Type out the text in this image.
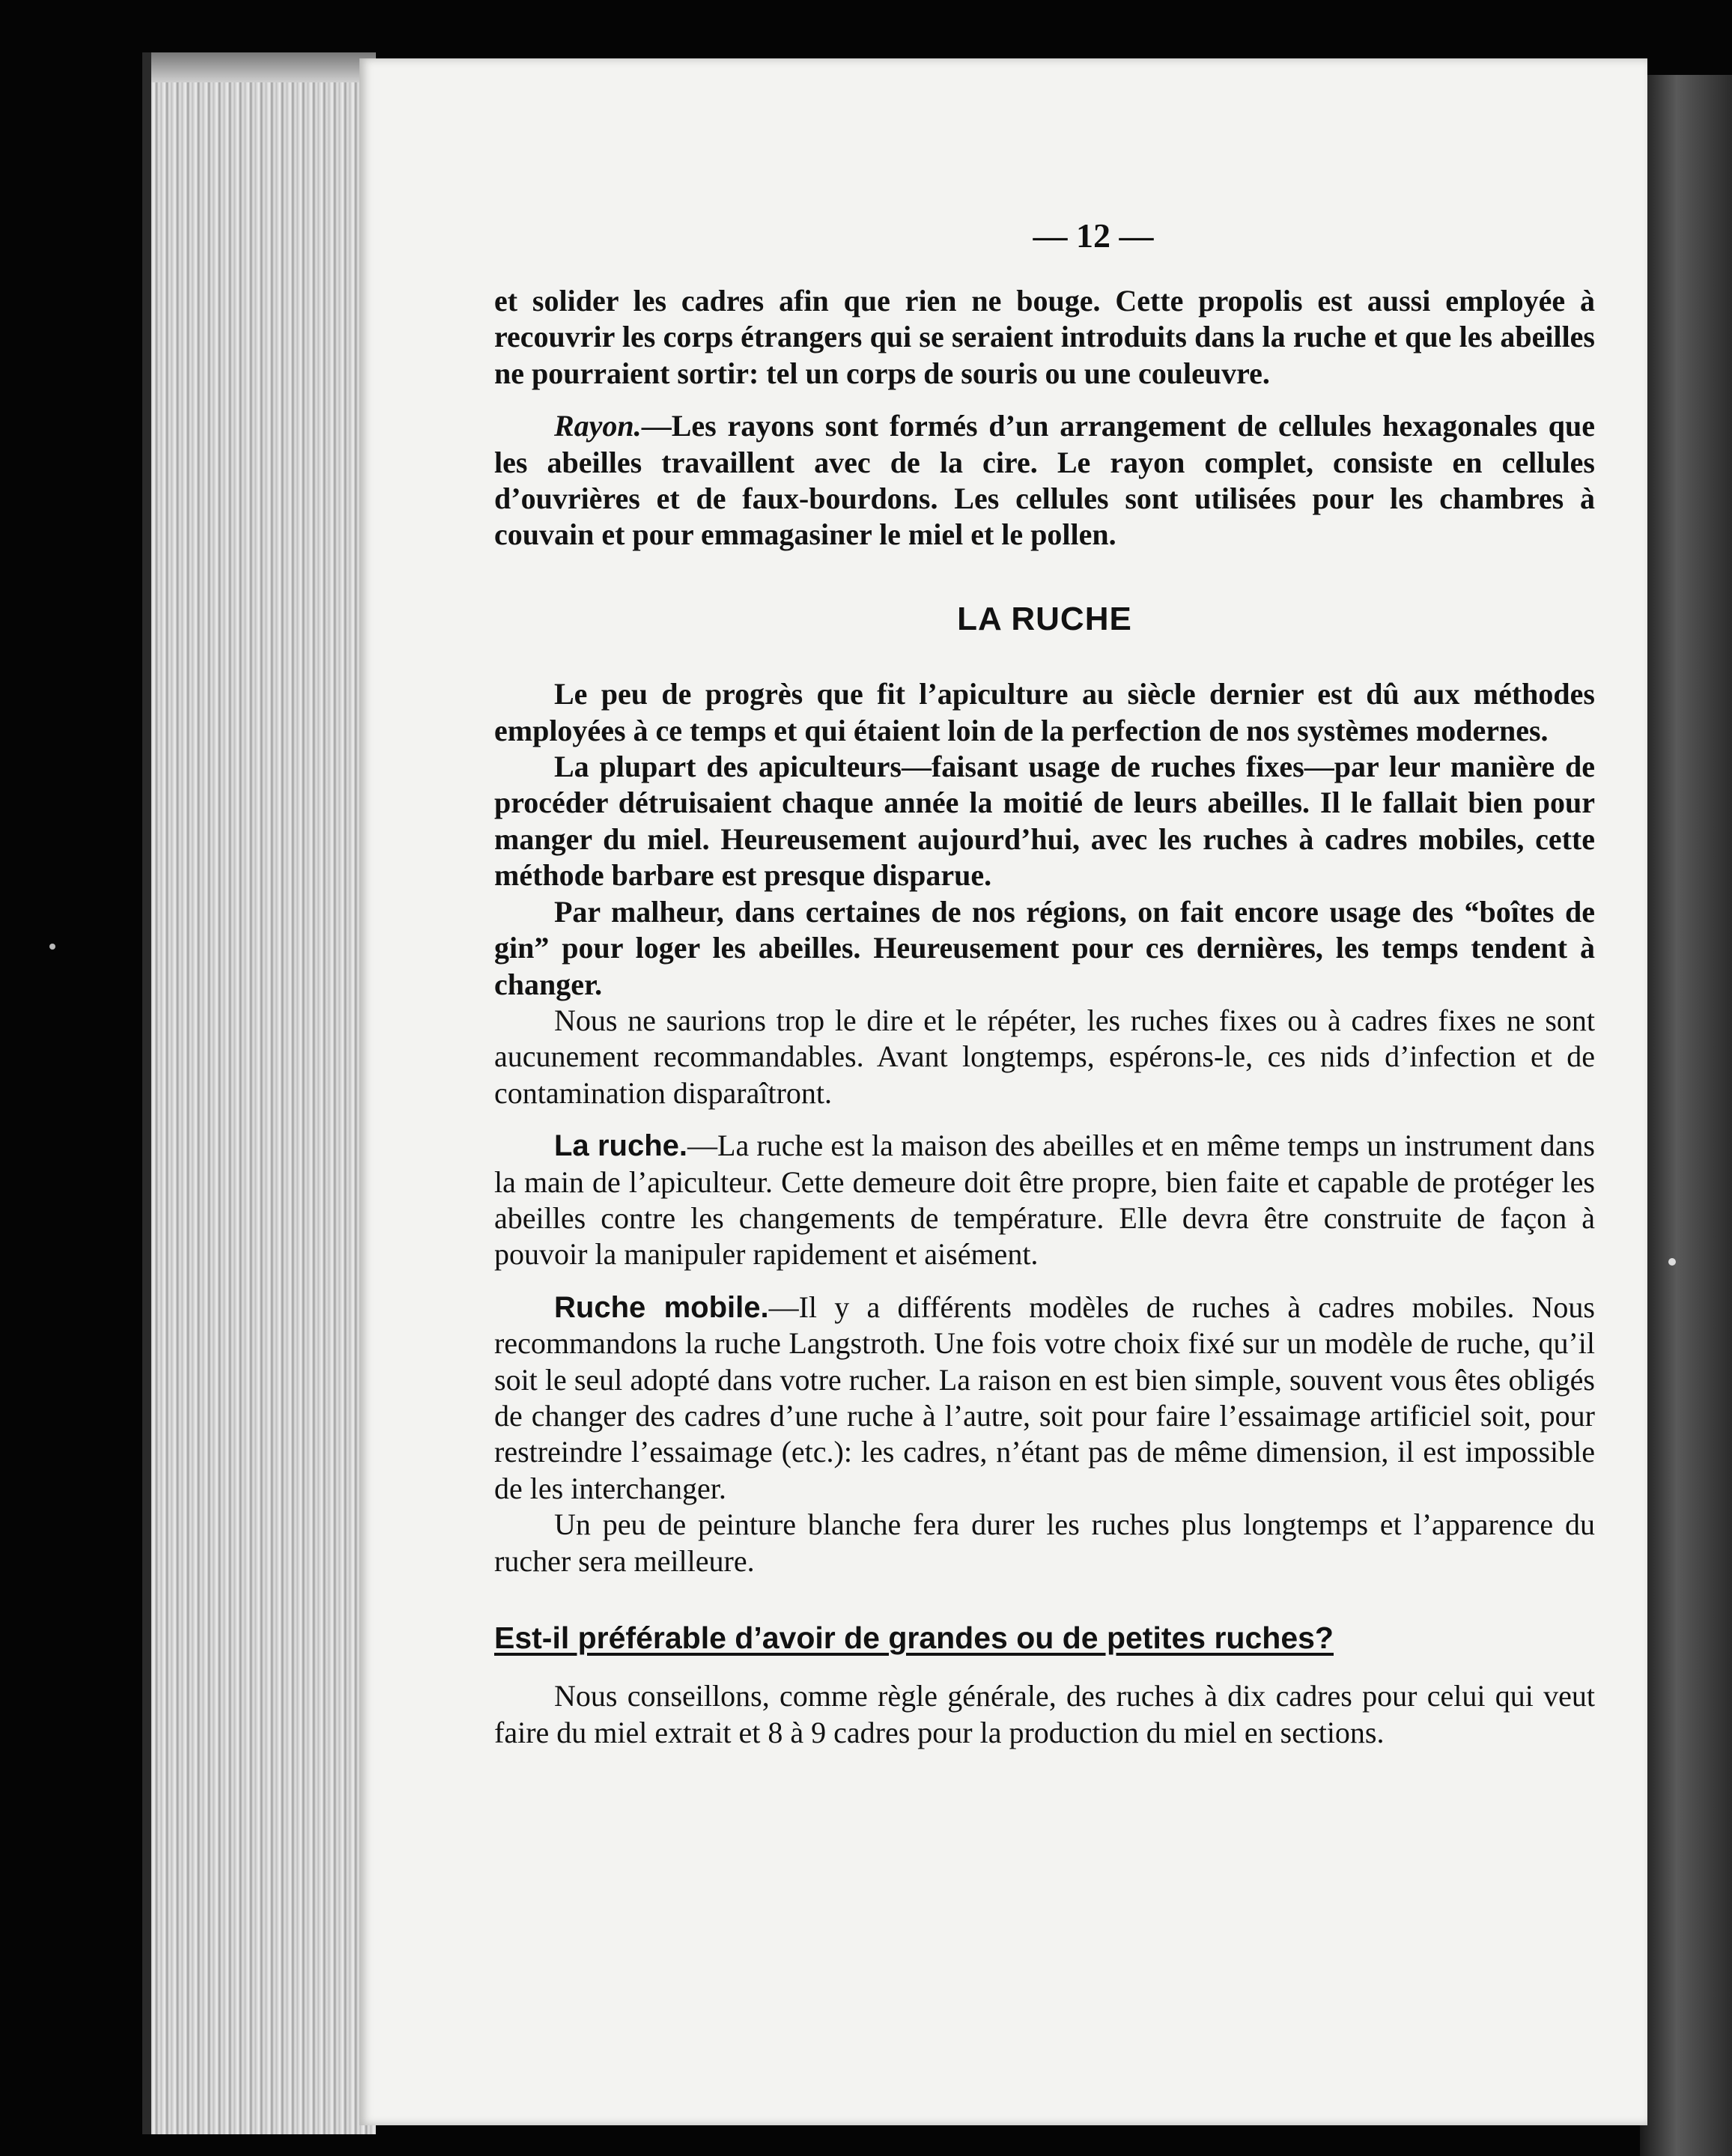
— 12 —

et solider les cadres afin que rien ne bouge. Cette propolis est aussi employée à recouvrir les corps étrangers qui se seraient introduits dans la ruche et que les abeilles ne pourraient sortir: tel un corps de souris ou une couleuvre.

Rayon.—Les rayons sont formés d’un arrangement de cellules hexagonales que les abeilles travaillent avec de la cire. Le rayon complet, consiste en cellules d’ouvrières et de faux-bourdons. Les cellules sont utilisées pour les chambres à couvain et pour emmagasiner le miel et le pollen.

LA RUCHE

Le peu de progrès que fit l’apiculture au siècle dernier est dû aux méthodes employées à ce temps et qui étaient loin de la perfection de nos systèmes modernes.

La plupart des apiculteurs—faisant usage de ruches fixes—par leur manière de procéder détruisaient chaque année la moitié de leurs abeilles. Il le fallait bien pour manger du miel. Heureusement aujourd’hui, avec les ruches à cadres mobiles, cette méthode barbare est presque disparue.

Par malheur, dans certaines de nos régions, on fait encore usage des “boîtes de gin” pour loger les abeilles. Heureusement pour ces dernières, les temps tendent à changer.

Nous ne saurions trop le dire et le répéter, les ruches fixes ou à cadres fixes ne sont aucunement recommandables. Avant longtemps, espérons-le, ces nids d’infection et de contamination disparaîtront.

La ruche.—La ruche est la maison des abeilles et en même temps un instrument dans la main de l’apiculteur. Cette demeure doit être propre, bien faite et capable de protéger les abeilles contre les changements de température. Elle devra être construite de façon à pouvoir la manipuler rapidement et aisément.

Ruche mobile.—Il y a différents modèles de ruches à cadres mobiles. Nous recommandons la ruche Langstroth. Une fois votre choix fixé sur un modèle de ruche, qu’il soit le seul adopté dans votre rucher. La raison en est bien simple, souvent vous êtes obligés de changer des cadres d’une ruche à l’autre, soit pour faire l’essaimage artificiel soit, pour restreindre l’essaimage (etc.): les cadres, n’étant pas de même dimension, il est impossible de les interchanger.

Un peu de peinture blanche fera durer les ruches plus longtemps et l’apparence du rucher sera meilleure.

Est-il préférable d’avoir de grandes ou de petites ruches?

Nous conseillons, comme règle générale, des ruches à dix cadres pour celui qui veut faire du miel extrait et 8 à 9 cadres pour la production du miel en sections.
